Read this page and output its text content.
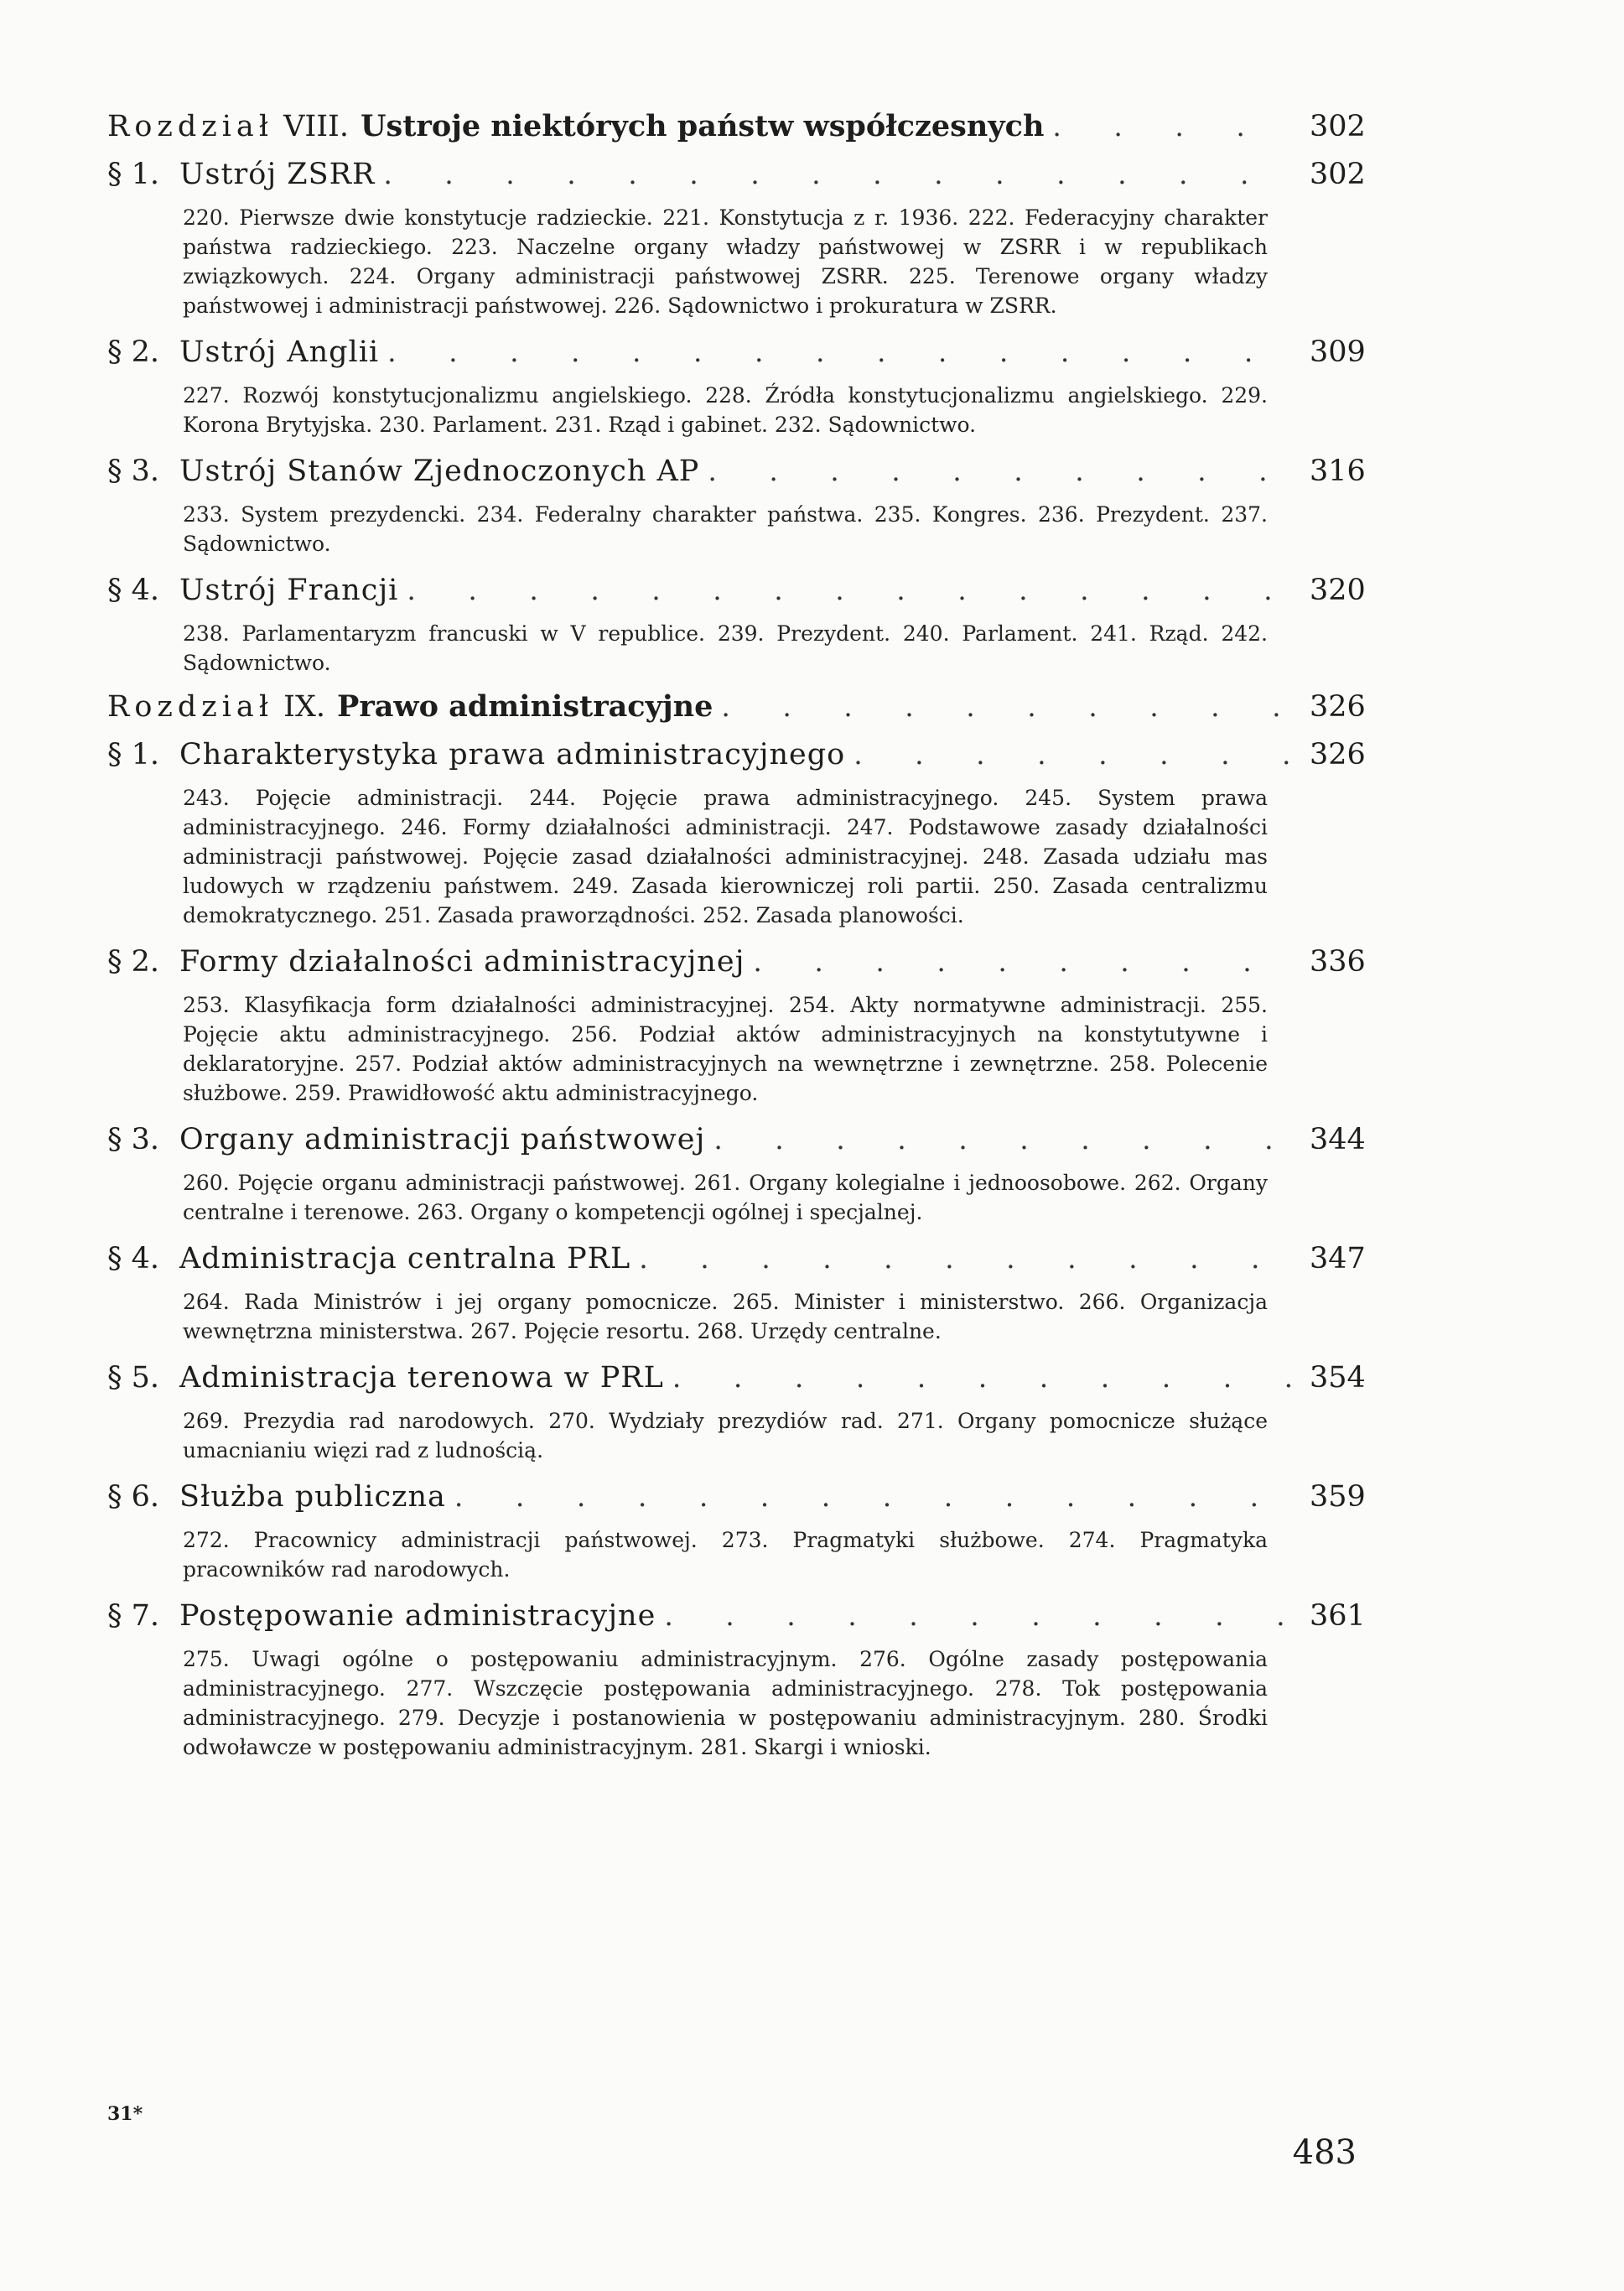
Rozdział VIII. Ustroje niektórych państw współczesnych . . .	302
§ 1. Ustrój ZSRR . . .	302
220. Pierwsze dwie konstytucje radzieckie. 221. Konstytucja z r. 1936. 222. Federacyjny charakter państwa radzieckiego. 223. Naczelne organy władzy państwowej w ZSRR i w republikach związkowych. 224. Organy administracji państwowej ZSRR. 225. Terenowe organy władzy państwowej i administracji państwowej. 226. Sądownictwo i prokuratura w ZSRR.
§ 2. Ustrój Anglii . . .	309
227. Rozwój konstytucjonalizmu angielskiego. 228. Źródła konstytucjonalizmu angielskiego. 229. Korona Brytyjska. 230. Parlament. 231. Rząd i gabinet. 232. Sądownictwo.
§ 3. Ustrój Stanów Zjednoczonych AP . . .	316
233. System prezydencki. 234. Federalny charakter państwa. 235. Kongres. 236. Prezydent. 237. Sądownictwo.
§ 4. Ustrój Francji . . .	320
238. Parlamentaryzm francuski w V republice. 239. Prezydent. 240. Parlament. 241. Rząd. 242. Sądownictwo.
Rozdział IX. Prawo administracyjne . . .	326
§ 1. Charakterystyka prawa administracyjnego . . .	326
243. Pojęcie administracji. 244. Pojęcie prawa administracyjnego. 245. System prawa administracyjnego. 246. Formy działalności administracji. 247. Podstawowe zasady działalności administracji państwowej. Pojęcie zasad działalności administracyjnej. 248. Zasada udziału mas ludowych w rządzeniu państwem. 249. Zasada kierowniczej roli partii. 250. Zasada centralizmu demokratycznego. 251. Zasada praworządności. 252. Zasada planowości.
§ 2. Formy działalności administracyjnej . . .	336
253. Klasyfikacja form działalności administracyjnej. 254. Akty normatywne administracji. 255. Pojęcie aktu administracyjnego. 256. Podział aktów administracyjnych na konstytutywne i deklaratoryjne. 257. Podział aktów administracyjnych na wewnętrzne i zewnętrzne. 258. Polecenie służbowe. 259. Prawidłowość aktu administracyjnego.
§ 3. Organy administracji państwowej . . .	344
260. Pojęcie organu administracji państwowej. 261. Organy kolegialne i jednoosobowe. 262. Organy centralne i terenowe. 263. Organy o kompetencji ogólnej i specjalnej.
§ 4. Administracja centralna PRL . . .	347
264. Rada Ministrów i jej organy pomocnicze. 265. Minister i ministerstwo. 266. Organizacja wewnętrzna ministerstwa. 267. Pojęcie resortu. 268. Urzędy centralne.
§ 5. Administracja terenowa w PRL . . .	354
269. Prezydia rad narodowych. 270. Wydziały prezydiów rad. 271. Organy pomocnicze służące umacnianiu więzi rad z ludnością.
§ 6. Służba publiczna . . .	359
272. Pracownicy administracji państwowej. 273. Pragmatyki służbowe. 274. Pragmatyka pracowników rad narodowych.
§ 7. Postępowanie administracyjne . . .	361
275. Uwagi ogólne o postępowaniu administracyjnym. 276. Ogólne zasady postępowania administracyjnego. 277. Wszczęcie postępowania administracyjnego. 278. Tok postępowania administracyjnego. 279. Decyzje i postanowienia w postępowaniu administracyjnym. 280. Środki odwoławcze w postępowaniu administracyjnym. 281. Skargi i wnioski.
31*
483
